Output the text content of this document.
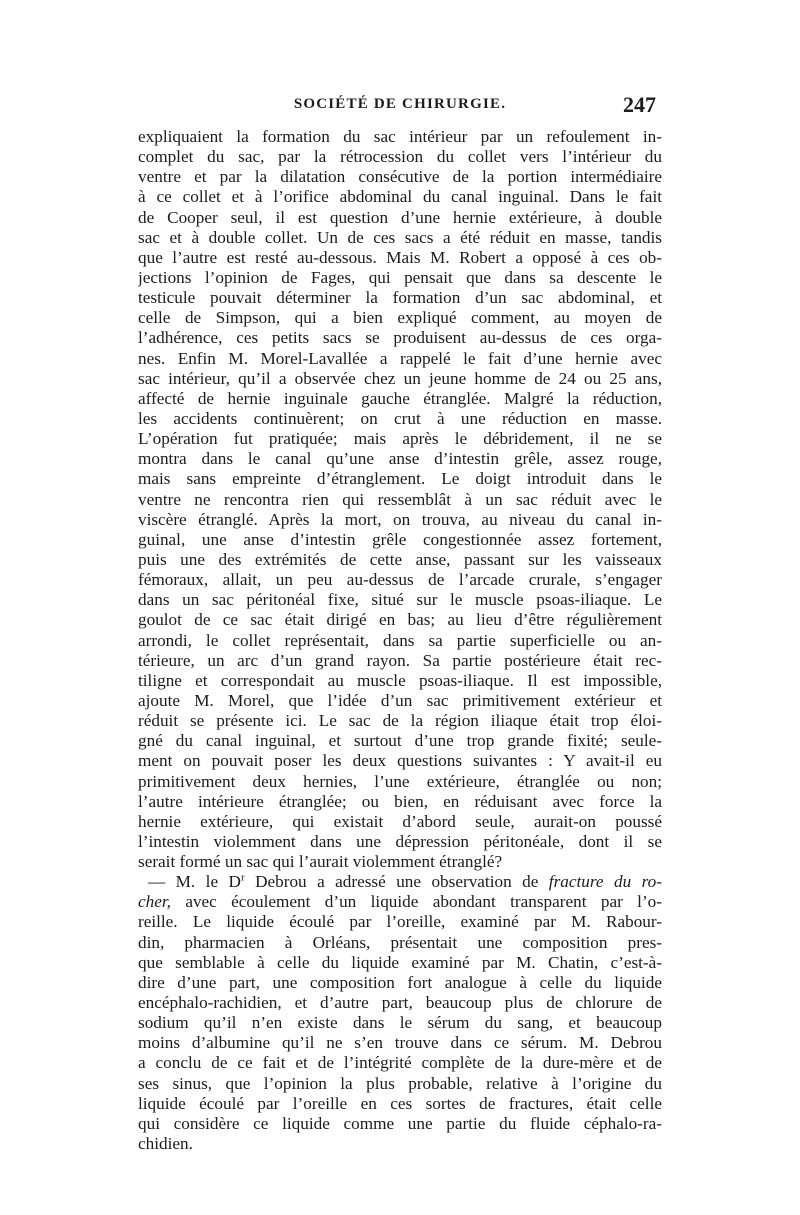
SOCIÉTÉ DE CHIRURGIE.	247
expliquaient la formation du sac intérieur par un refoulement in-
complet du sac, par la rétrocession du collet vers l’intérieur du
ventre et par la dilatation consécutive de la portion intermédiaire
à ce collet et à l’orifice abdominal du canal inguinal. Dans le fait
de Cooper seul, il est question d’une hernie extérieure, à double
sac et à double collet. Un de ces sacs a été réduit en masse, tandis
que l’autre est resté au-dessous. Mais M. Robert a opposé à ces ob-
jections l’opinion de Fages, qui pensait que dans sa descente le
testicule pouvait déterminer la formation d’un sac abdominal, et
celle de Simpson, qui a bien expliqué comment, au moyen de
l’adhérence, ces petits sacs se produisent au-dessus de ces orga-
nes. Enfin M. Morel-Lavallée a rappelé le fait d’une hernie avec
sac intérieur, qu’il a observée chez un jeune homme de 24 ou 25 ans,
affecté de hernie inguinale gauche étranglée. Malgré la réduction,
les accidents continuèrent; on crut à une réduction en masse.
L’opération fut pratiquée; mais après le débridement, il ne se
montra dans le canal qu’une anse d’intestin grêle, assez rouge,
mais sans empreinte d’étranglement. Le doigt introduit dans le
ventre ne rencontra rien qui ressemblât à un sac réduit avec le
viscère étranglé. Après la mort, on trouva, au niveau du canal in-
guinal, une anse d’intestin grêle congestionnée assez fortement,
puis une des extrémités de cette anse, passant sur les vaisseaux
fémoraux, allait, un peu au-dessus de l’arcade crurale, s’engager
dans un sac péritonéal fixe, situé sur le muscle psoas-iliaque. Le
goulot de ce sac était dirigé en bas; au lieu d’être régulièrement
arrondi, le collet représentait, dans sa partie superficielle ou an-
térieure, un arc d’un grand rayon. Sa partie postérieure était rec-
tiligne et correspondait au muscle psoas-iliaque. Il est impossible,
ajoute M. Morel, que l’idée d’un sac primitivement extérieur et
réduit se présente ici. Le sac de la région iliaque était trop éloi-
gné du canal inguinal, et surtout d’une trop grande fixité; seule-
ment on pouvait poser les deux questions suivantes : Y avait-il eu
primitivement deux hernies, l’une extérieure, étranglée ou non;
l’autre intérieure étranglée; ou bien, en réduisant avec force la
hernie extérieure, qui existait d’abord seule, aurait-on poussé
l’intestin violemment dans une dépression péritonéale, dont il se
serait formé un sac qui l’aurait violemment étranglé?
— M. le $D^r$ Debrou a adressé une observation de fracture du ro-
cher, avec écoulement d’un liquide abondant transparent par l’o-
reille. Le liquide écoulé par l’oreille, examiné par M. Rabour-
din, pharmacien à Orléans, présentait une composition pres-
que semblable à celle du liquide examiné par M. Chatin, c’est-à-
dire d’une part, une composition fort analogue à celle du liquide
encéphalo-rachidien, et d’autre part, beaucoup plus de chlorure de
sodium qu’il n’en existe dans le sérum du sang, et beaucoup
moins d’albumine qu’il ne s’en trouve dans ce sérum. M. Debrou
a conclu de ce fait et de l’intégrité complète de la dure-mère et de
ses sinus, que l’opinion la plus probable, relative à l’origine du
liquide écoulé par l’oreille en ces sortes de fractures, était celle
qui considère ce liquide comme une partie du fluide céphalo-ra-
chidien.
